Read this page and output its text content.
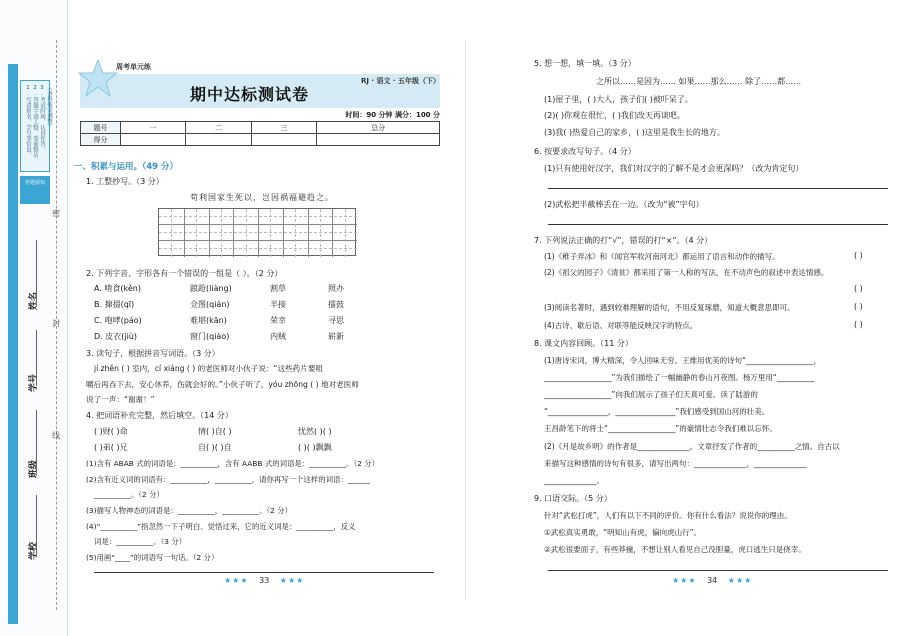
1.写清姓名、学号等信息。 2.答题字迹工整，卷面整洁。 3.考试时间，认真作答。 （各科按需调整）
答题须知
姓名
学号
班级
学校
密
封
线
周考单元练
RJ · 语文 · 五年级（下）
期中达标测试卷
时间：90 分钟 满分：100 分
题号	一	二	三	总分
得分				
一、积累与运用。（49 分）
1. 工整抄写。（3 分）
苟利国家生死以，岂因祸福避趋之。
2. 下列字音、字形各有一个错误的一组是（ ）。（2 分）
A. 啃食(kěn)	踉跄(liàng)	割草	照办
B. 撺掇(qī)	佥图(qián)	半接	擂鼓
C. 咆哮(páo)	难堪(kān)	荣幸	寻思
D. 皮衣(jiù)	窗门(qiào)	内贼	崭新
3. 读句子，根据拼音写词语。（3 分）
jí zhěn ( ) 室内，cí xiáng ( ) 的老医师对小伙子说：“这些药片要咀
嚼后再吞下去，安心休养，伤就会好的。”小伙子听了，yóu zhōng ( ) 地对老医师
说了一声：“谢谢！”
4. 把词语补充完整，然后填空。（14 分）
( )财( )命	情( )自( )	忧然( )( )
( )弟( )兄	自( )( )自	( )( )飘飘
(1)含有 ABAB 式的词语是：__________，含有 AABB 式的词语是：__________。（2 分）
(2)含有近义词的词语有：__________，__________，请你再写一个这样的词语：______
__________。（2 分）
(3)描写人物神态的词语是：__________，__________。（2 分）
(4)“__________”指忽然一下子明白、觉悟过来，它的近义词是：__________，反义
词是：__________。（3 分）
(5)用画“____”的词语写一句话。（2 分）
★★★ 33 ★★★
5. 想一想，填一填。（3 分）
之所以……是因为…… 如果……那么…… 除了……都……
(1)屋子里，( )大人，孩子们( )被吓呆了。
(2)( )你观在很忙，( )我们改天再谈吧。
(3)我( )热爱自己的家乡，( )这里是我生长的地方。
6. 按要求改写句子。（4 分）
(1)只有使用好汉字，我们对汉字的了解不是才会更深吗？（改为肯定句）
(2)武松把半截棒丢在一边。（改为“被”字句）
7. 下列说法正确的打“√”，错误的打“×”。（4 分）
(1)《稚子弄冰》和《闻官军收河南河北》都运用了语言和动作的描写。	( )
(2)《祖父的园子》《清贫》都采用了第一人称的写法，在不动声色的叙述中表达情感。
( )
(3)阅读名著时，遇到较难理解的语句，不用反复琢磨，知道大概意思即可。	( )
(4)古诗、歇后语、对联等能反映汉字的特点。	( )
8. 课文内容回顾。（11 分）
(1)唐诗宋词，博大精深，令人回味无穷。王维用优美的诗句“__________________，
__________________”为我们描绘了一幅幽静的春山月夜图。杨万里用“__________
__________________”向我们展示了孩子们天真可爱。读了陆游的
“________________，________________”我们感受到国山河的壮美。
王昌龄笔下的将士“__________________”的豪情壮志令我们难以忘怀。
(2)《月是故乡明》的作者是______________。文章抒发了作者的__________之情。自古以
来描写这种感情的诗句有很多，请写出两句：______________，______________
______________。
9. 口语交际。（5 分）
针对“武松打虎”，人们有以下不同的评价。你有什么看法？说说你的理由。
①武松真实勇敢，“明知山有虎，偏向虎山行”。
②武松很要面子，有些莽撞，不想让别人看见自己没胆量，虎口逃生只是侥幸。
★★★ 34 ★★★
